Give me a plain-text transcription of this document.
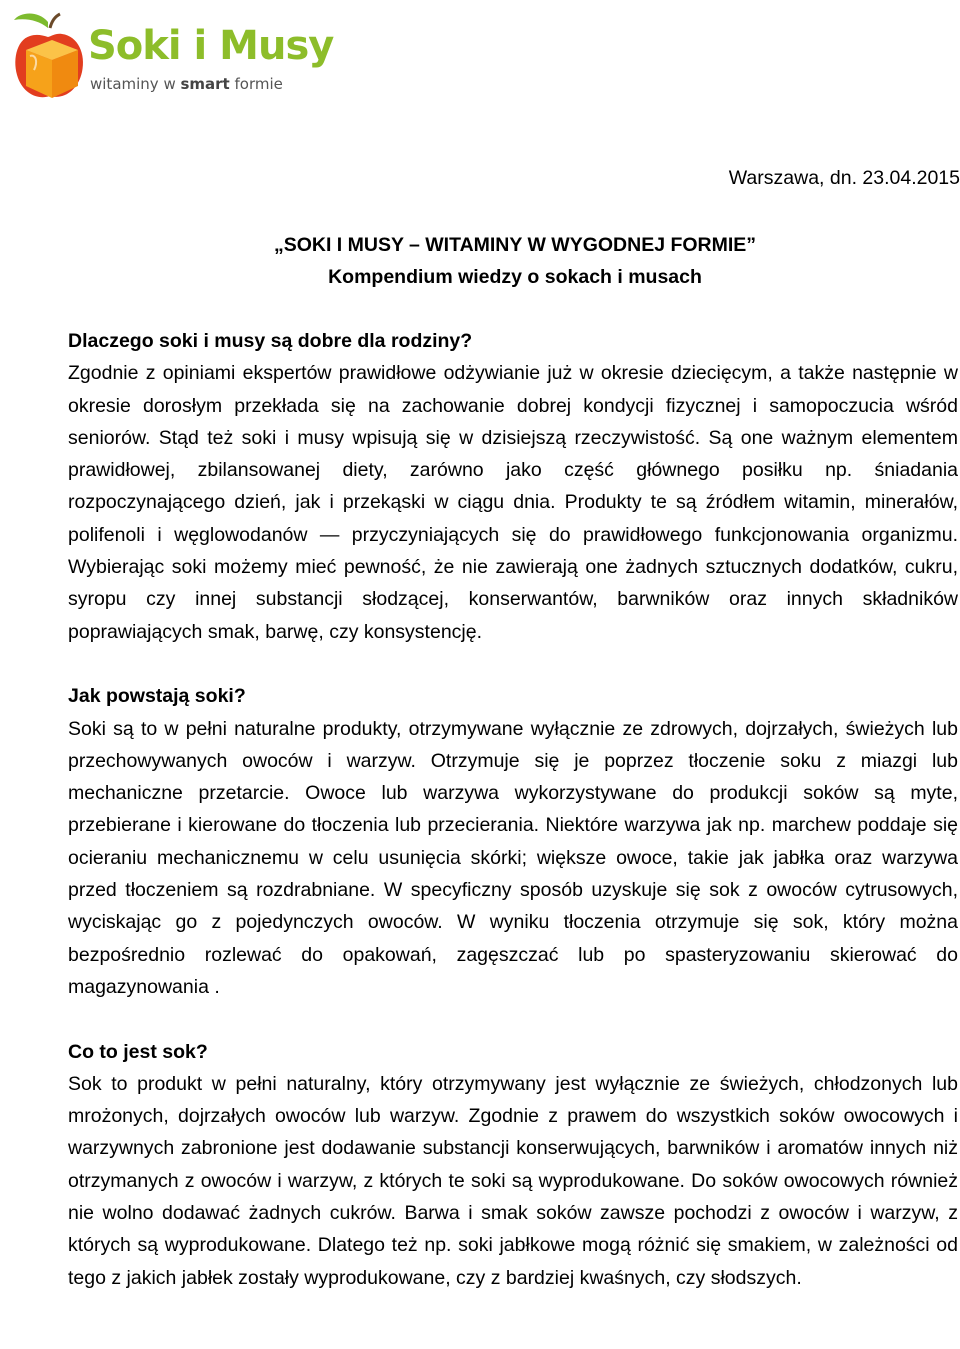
Soki i Musy
witaminy w smart formie
Warszawa, dn. 23.04.2015
„SOKI I MUSY – WITAMINY W WYGODNEJ FORMIE”
Kompendium wiedzy o sokach i musach

Dlaczego soki i musy są dobre dla rodziny?

Zgodnie z opiniami ekspertów prawidłowe odżywianie już w okresie dziecięcym, a także następnie w okresie dorosłym przekłada się na zachowanie dobrej kondycji fizycznej i samopoczucia wśród seniorów. Stąd też soki i musy wpisują się w dzisiejszą rzeczywistość. Są one ważnym elementem prawidłowej, zbilansowanej diety, zarówno jako część głównego posiłku np. śniadania rozpoczynającego dzień, jak i przekąski w ciągu dnia. Produkty te są źródłem witamin, minerałów, polifenoli i węglowodanów — przyczyniających się do prawidłowego funkcjonowania organizmu. Wybierając soki możemy mieć pewność, że nie zawierają one żadnych sztucznych dodatków, cukru, syropu czy innej substancji słodzącej, konserwantów, barwników oraz innych składników poprawiających smak, barwę, czy konsystencję.

Jak powstają soki?

Soki są to w pełni naturalne produkty, otrzymywane wyłącznie ze zdrowych, dojrzałych, świeżych lub przechowywanych owoców i warzyw. Otrzymuje się je poprzez tłoczenie soku z miazgi lub mechaniczne przetarcie. Owoce lub warzywa wykorzystywane do produkcji soków są myte, przebierane i kierowane do tłoczenia lub przecierania. Niektóre warzywa jak np. marchew poddaje się ocieraniu mechanicznemu w celu usunięcia skórki; większe owoce, takie jak jabłka oraz warzywa przed tłoczeniem są rozdrabniane. W specyficzny sposób uzyskuje się sok z owoców cytrusowych, wyciskając go z pojedynczych owoców. W wyniku tłoczenia otrzymuje się sok, który można bezpośrednio rozlewać do opakowań, zagęszczać lub po spasteryzowaniu skierować do magazynowania .

Co to jest sok?

Sok to produkt w pełni naturalny, który otrzymywany jest wyłącznie ze świeżych, chłodzonych lub mrożonych, dojrzałych owoców lub warzyw. Zgodnie z prawem do wszystkich soków owocowych i warzywnych zabronione jest dodawanie substancji konserwujących, barwników i aromatów innych niż otrzymanych z owoców i warzyw, z których te soki są wyprodukowane. Do soków owocowych również nie wolno dodawać żadnych cukrów. Barwa i smak soków zawsze pochodzi z owoców i warzyw, z których są wyprodukowane. Dlatego też np. soki jabłkowe mogą różnić się smakiem, w zależności od tego z jakich jabłek zostały wyprodukowane, czy z bardziej kwaśnych, czy słodszych.
